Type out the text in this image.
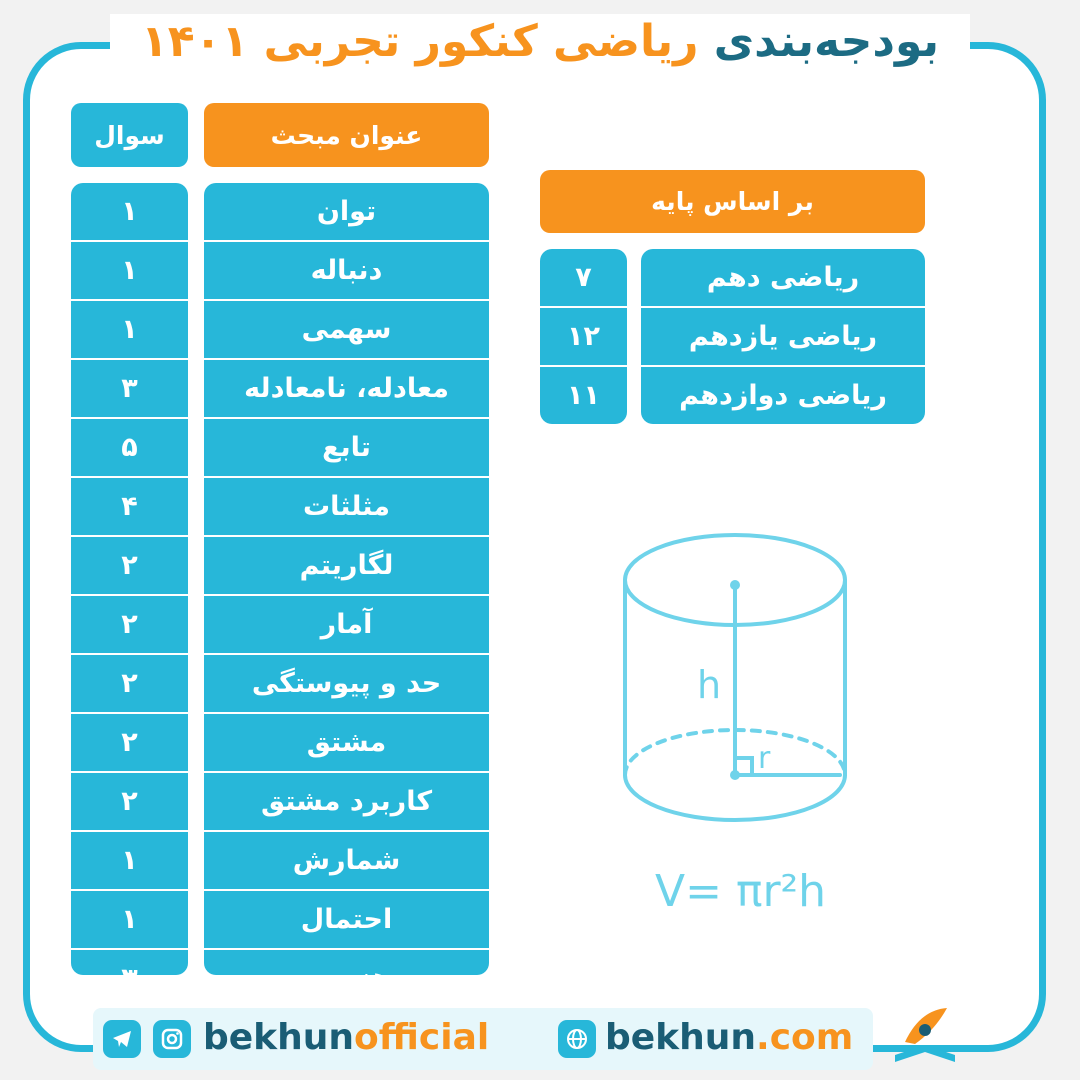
بودجه‌بندی ریاضی کنکور تجربی ۱۴۰۱
عنوان مبحث
سوال
توان
دنباله
سهمی
معادله، نامعادله
تابع
مثلثات
لگاریتم
آمار
حد و پیوستگی
مشتق
کاربرد مشتق
شمارش
احتمال
هندسه
۱
۱
۱
۳
۵
۴
۲
۲
۲
۲
۲
۱
۱
۳
بر اساس پایه
ریاضی دهم
ریاضی یازدهم
ریاضی دوازدهم
۷
۱۲
۱۱
h
r
V= πr²h
bekhunofficial	bekhun.com
